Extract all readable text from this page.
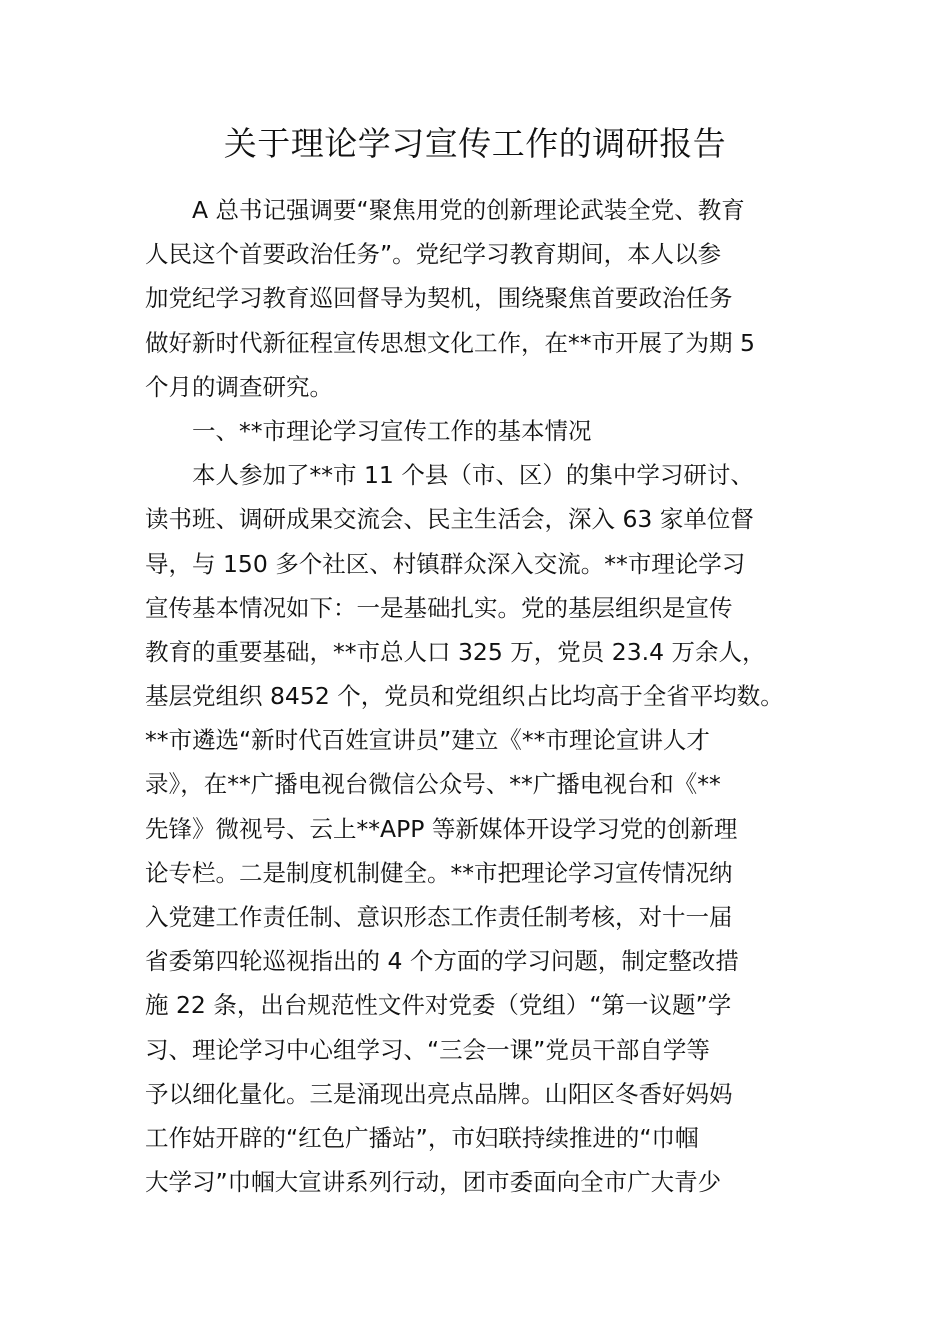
关于理论学习宣传工作的调研报告
A 总书记强调要“聚焦用党的创新理论武装全党、教育
人民这个首要政治任务”。党纪学习教育期间，本人以参
加党纪学习教育巡回督导为契机，围绕聚焦首要政治任务
做好新时代新征程宣传思想文化工作，在**市开展了为期 5
个月的调查研究。
一、**市理论学习宣传工作的基本情况
本人参加了**市 11 个县（市、区）的集中学习研讨、
读书班、调研成果交流会、民主生活会，深入 63 家单位督
导，与 150 多个社区、村镇群众深入交流。**市理论学习
宣传基本情况如下：一是基础扎实。党的基层组织是宣传
教育的重要基础，**市总人口 325 万，党员 23.4 万余人，
基层党组织 8452 个，党员和党组织占比均高于全省平均数。
**市遴选“新时代百姓宣讲员”建立《**市理论宣讲人才
录》，在**广播电视台微信公众号、**广播电视台和《**
先锋》微视号、云上**APP 等新媒体开设学习党的创新理
论专栏。二是制度机制健全。**市把理论学习宣传情况纳
入党建工作责任制、意识形态工作责任制考核，对十一届
省委第四轮巡视指出的 4 个方面的学习问题，制定整改措
施 22 条，出台规范性文件对党委（党组）“第一议题”学
习、理论学习中心组学习、“三会一课”党员干部自学等
予以细化量化。三是涌现出亮点品牌。山阳区冬香好妈妈
工作姑开辟的“红色广播站”，市妇联持续推进的“巾帼
大学习”巾帼大宣讲系列行动，团市委面向全市广大青少
